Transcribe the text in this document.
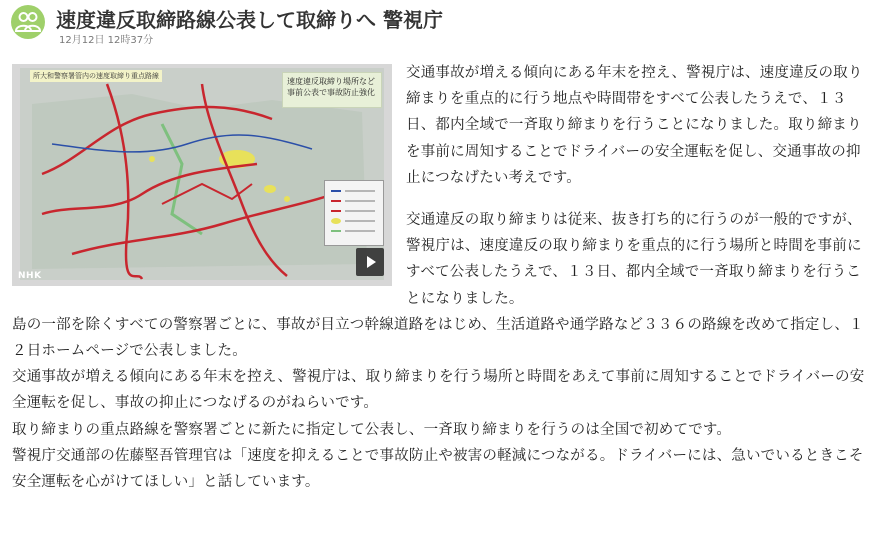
速度違反取締路線公表して取締りへ 警視庁
12月12日 12時37分
所大和警察署管内の速度取締り重点路線
速度違反取締り場所など
事前公表で事故防止強化
NHK

交通事故が増える傾向にある年末を控え、警視庁は、速度違反の取り締まりを重点的に行う地点や時間帯をすべて公表したうえで、１３日、都内全域で一斉取り締まりを行うことになりました。取り締まりを事前に周知することでドライバーの安全運転を促し、交通事故の抑止につなげたい考えです。

交通違反の取り締まりは従来、抜き打ち的に行うのが一般的ですが、警視庁は、速度違反の取り締まりを重点的に行う場所と時間を事前にすべて公表したうえで、１３日、都内全域で一斉取り締まりを行うことになりました。

島の一部を除くすべての警察署ごとに、事故が目立つ幹線道路をはじめ、生活道路や通学路など３３６の路線を改めて指定し、１２日ホームページで公表しました。

交通事故が増える傾向にある年末を控え、警視庁は、取り締まりを行う場所と時間をあえて事前に周知することでドライバーの安全運転を促し、事故の抑止につなげるのがねらいです。

取り締まりの重点路線を警察署ごとに新たに指定して公表し、一斉取り締まりを行うのは全国で初めてです。

警視庁交通部の佐藤堅吾管理官は「速度を抑えることで事故防止や被害の軽減につながる。ドライバーには、急いでいるときこそ安全運転を心がけてほしい」と話しています。
